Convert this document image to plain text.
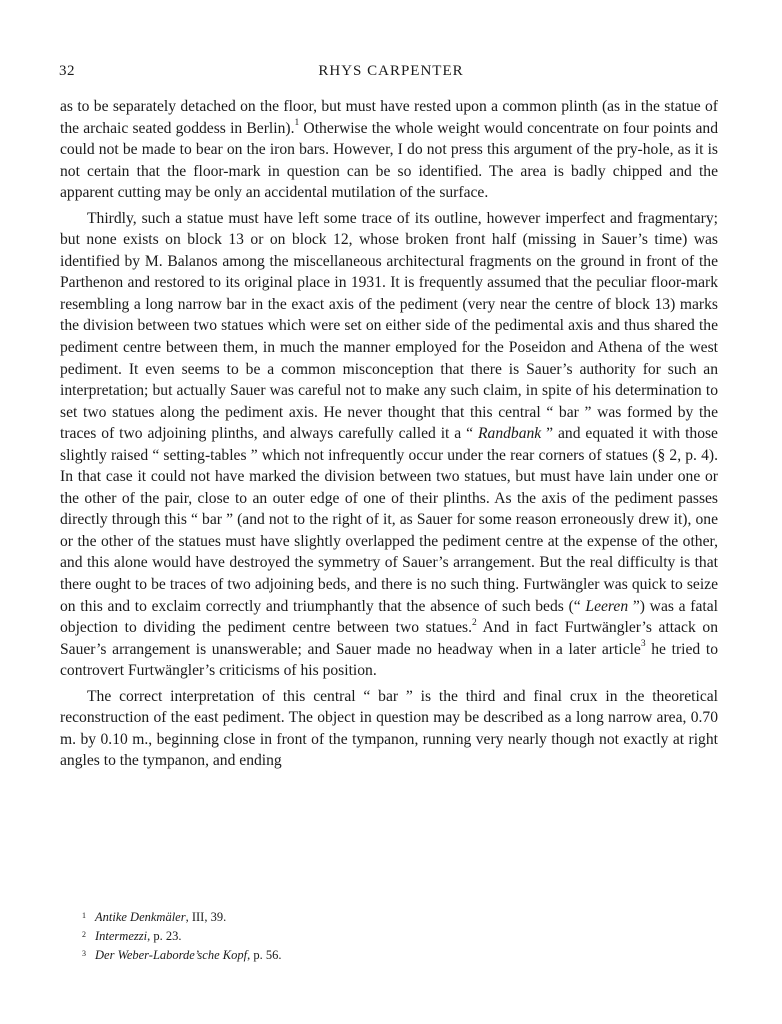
32	RHYS CARPENTER

as to be separately detached on the floor, but must have rested upon a common plinth (as in the statue of the archaic seated goddess in Berlin).$^1$ Otherwise the whole weight would concentrate on four points and could not be made to bear on the iron bars. However, I do not press this argument of the pry-hole, as it is not certain that the floor-mark in question can be so identified. The area is badly chipped and the apparent cutting may be only an accidental mutilation of the surface.

Thirdly, such a statue must have left some trace of its outline, however imperfect and fragmentary; but none exists on block 13 or on block 12, whose broken front half (missing in Sauer’s time) was identified by M. Balanos among the miscellaneous architectural fragments on the ground in front of the Parthenon and restored to its original place in 1931. It is frequently assumed that the peculiar floor-mark resembling a long narrow bar in the exact axis of the pediment (very near the centre of block 13) marks the division between two statues which were set on either side of the pedimental axis and thus shared the pediment centre between them, in much the manner employed for the Poseidon and Athena of the west pediment. It even seems to be a common misconception that there is Sauer’s authority for such an interpretation; but actually Sauer was careful not to make any such claim, in spite of his determination to set two statues along the pediment axis. He never thought that this central “ bar ” was formed by the traces of two adjoining plinths, and always carefully called it a “ Randbank ” and equated it with those slightly raised “ setting-tables ” which not infrequently occur under the rear corners of statues (§ 2, p. 4). In that case it could not have marked the division between two statues, but must have lain under one or the other of the pair, close to an outer edge of one of their plinths. As the axis of the pediment passes directly through this “ bar ” (and not to the right of it, as Sauer for some reason erroneously drew it), one or the other of the statues must have slightly overlapped the pediment centre at the expense of the other, and this alone would have destroyed the symmetry of Sauer’s arrangement. But the real difficulty is that there ought to be traces of two adjoining beds, and there is no such thing. Furtwängler was quick to seize on this and to exclaim correctly and triumphantly that the absence of such beds (“ Leeren ”) was a fatal objection to dividing the pediment centre between two statues.$^2$ And in fact Furtwängler’s attack on Sauer’s arrangement is unanswerable; and Sauer made no headway when in a later article$^3$ he tried to controvert Furtwängler’s criticisms of his position.

The correct interpretation of this central “ bar ” is the third and final crux in the theoretical reconstruction of the east pediment. The object in question may be described as a long narrow area, 0.70 m. by 0.10 m., beginning close in front of the tympanon, running very nearly though not exactly at right angles to the tympanon, and ending

1 Antike Denkmäler, III, 39.
2 Intermezzi, p. 23.
3 Der Weber-Laborde’sche Kopf, p. 56.
